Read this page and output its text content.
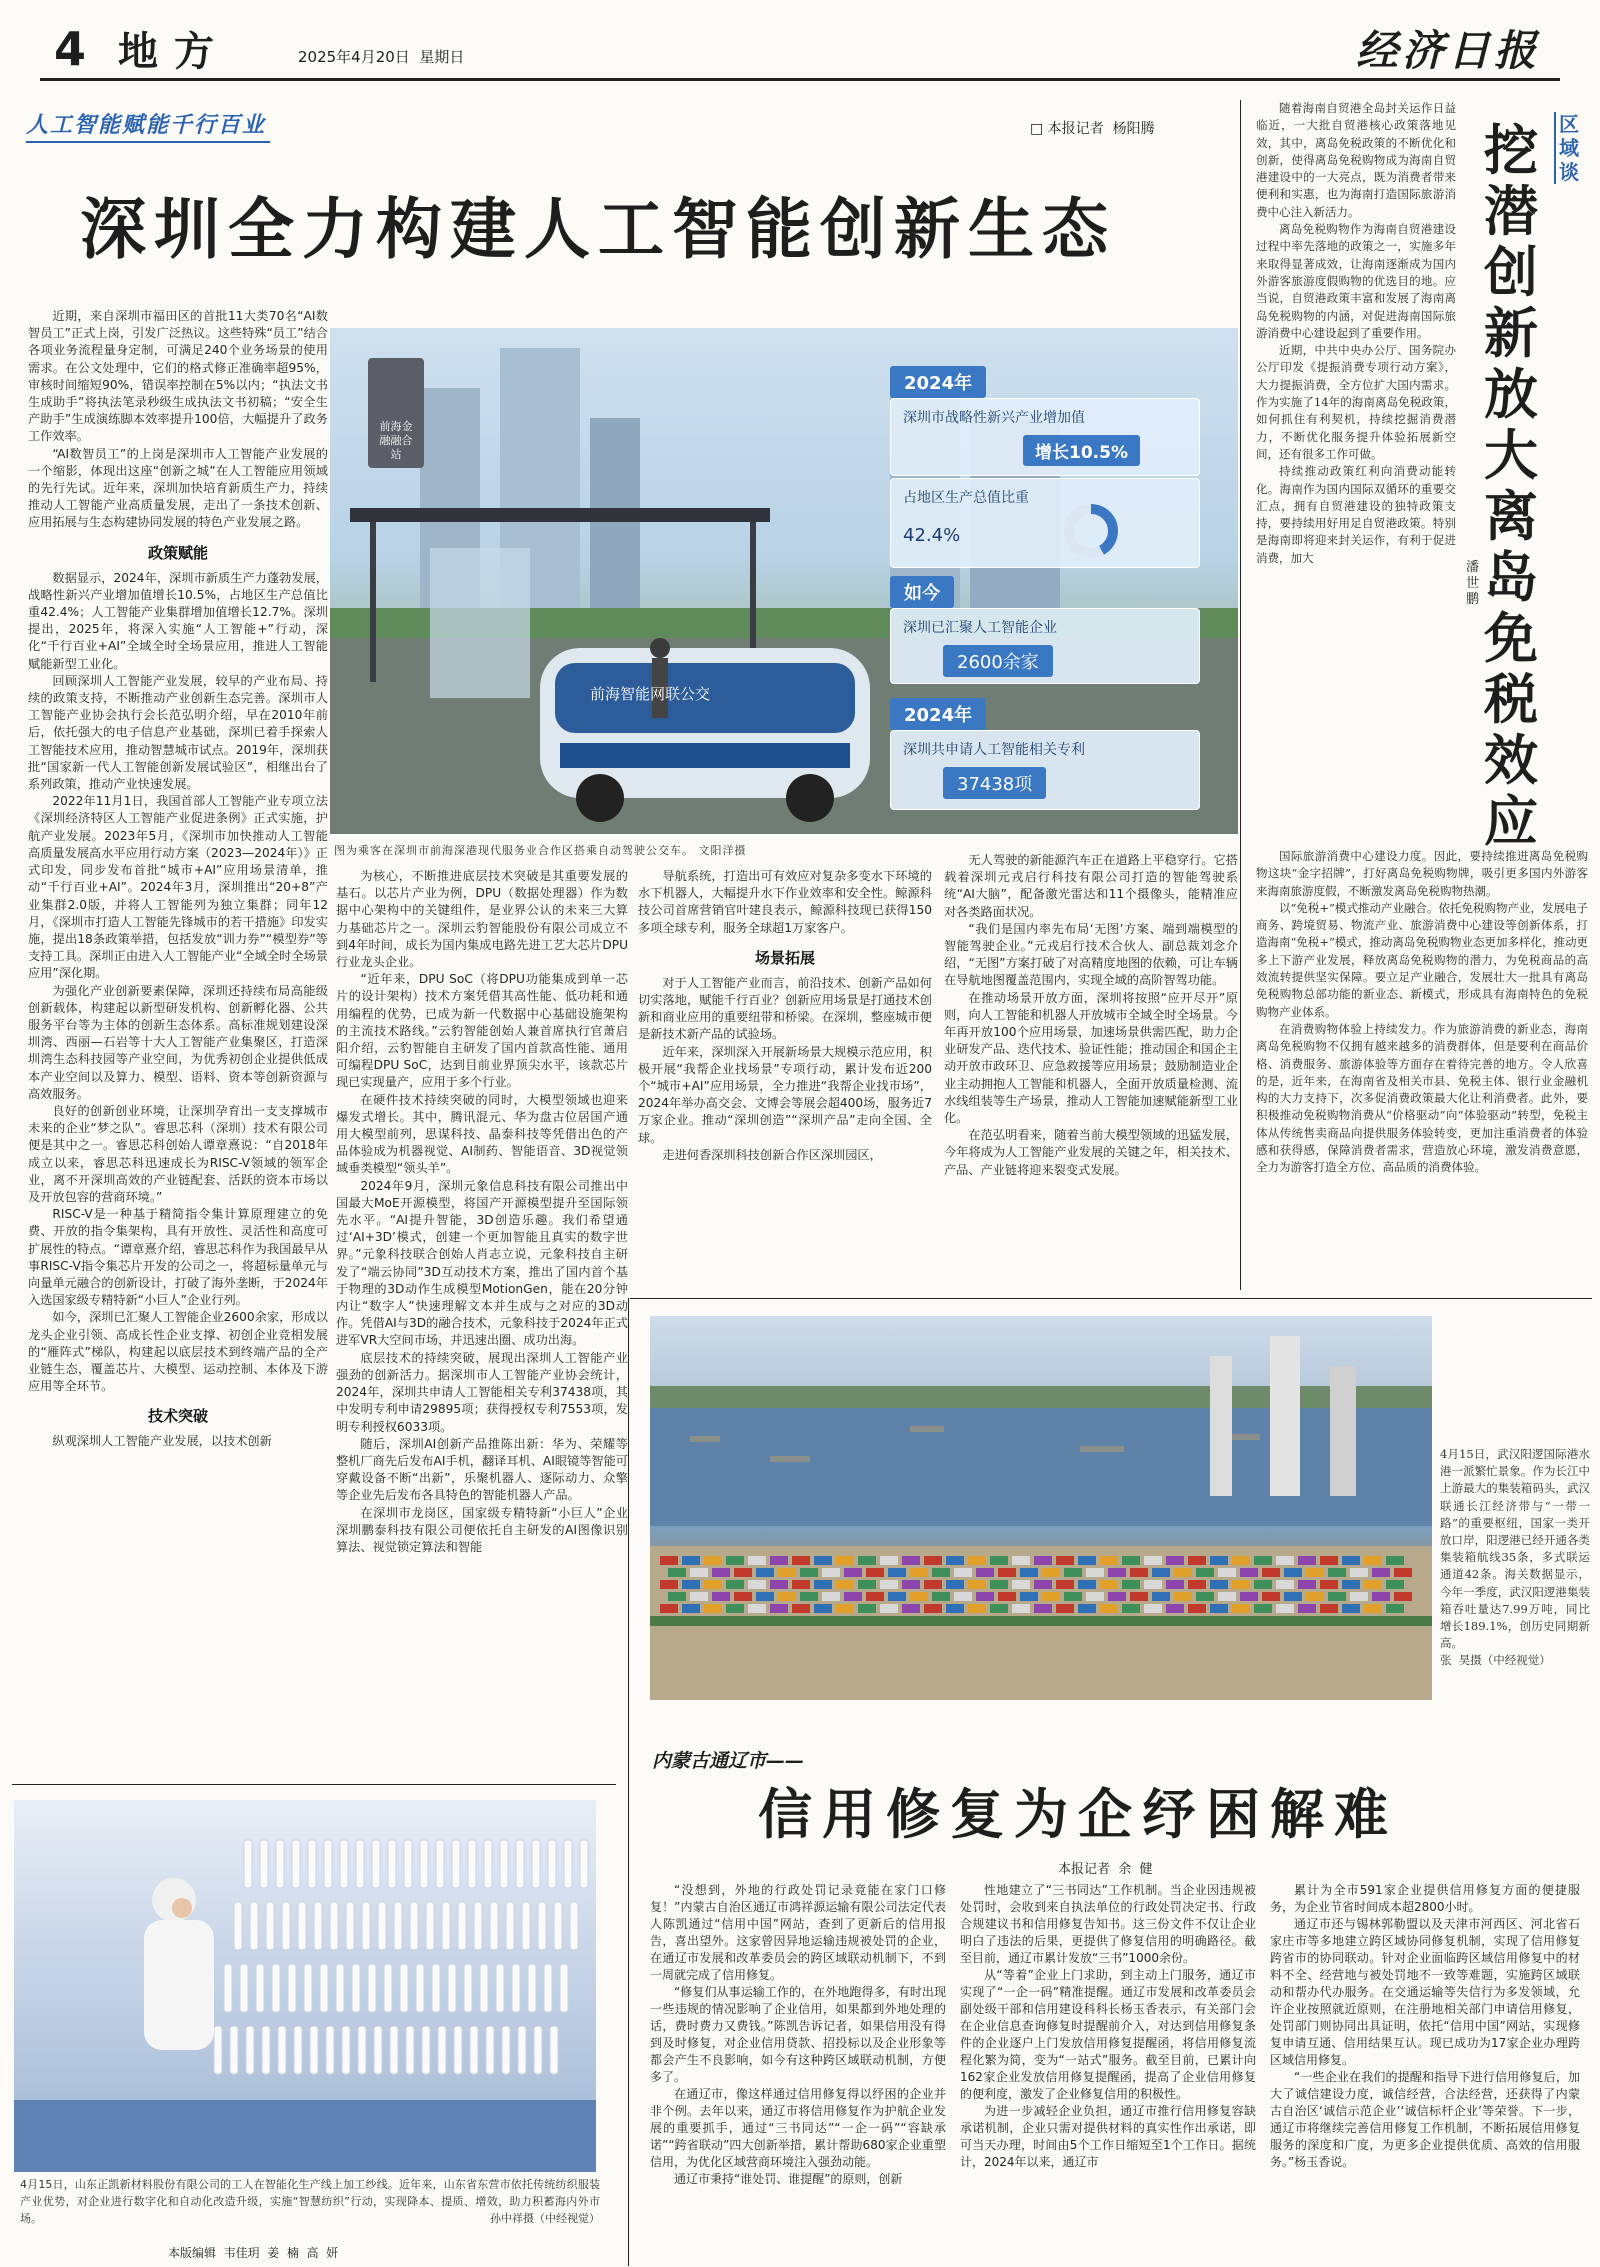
4 地方	2025年4月20日  星期日	经济日报
人工智能赋能千行百业	□ 本报记者  杨阳腾
深圳全力构建人工智能创新生态

近期，来自深圳市福田区的首批11大类70名“AI数智员工”正式上岗，引发广泛热议。这些特殊“员工”结合各项业务流程量身定制，可满足240个业务场景的使用需求。在公文处理中，它们的格式修正准确率超95%，审核时间缩短90%，错误率控制在5%以内；“执法文书生成助手”将执法笔录秒级生成执法文书初稿；“安全生产助手”生成演练脚本效率提升100倍，大幅提升了政务工作效率。

“AI数智员工”的上岗是深圳市人工智能产业发展的一个缩影，体现出这座“创新之城”在人工智能应用领域的先行先试。近年来，深圳加快培育新质生产力，持续推动人工智能产业高质量发展，走出了一条技术创新、应用拓展与生态构建协同发展的特色产业发展之路。

政策赋能

数据显示，2024年，深圳市新质生产力蓬勃发展，战略性新兴产业增加值增长10.5%，占地区生产总值比重42.4%；人工智能产业集群增加值增长12.7%。深圳提出，2025年，将深入实施“人工智能+”行动，深化“千行百业+AI”全域全时全场景应用，推进人工智能赋能新型工业化。

回顾深圳人工智能产业发展，较早的产业布局、持续的政策支持，不断推动产业创新生态完善。深圳市人工智能产业协会执行会长范弘明介绍，早在2010年前后，依托强大的电子信息产业基础，深圳已着手探索人工智能技术应用，推动智慧城市试点。2019年，深圳获批“国家新一代人工智能创新发展试验区”，相继出台了系列政策，推动产业快速发展。

2022年11月1日，我国首部人工智能产业专项立法《深圳经济特区人工智能产业促进条例》正式实施，护航产业发展。2023年5月，《深圳市加快推动人工智能高质量发展高水平应用行动方案（2023—2024年）》正式印发，同步发布首批“城市+AI”应用场景清单，推动“千行百业+AI”。2024年3月，深圳推出“20+8”产业集群2.0版，并将人工智能列为独立集群；同年12月，《深圳市打造人工智能先锋城市的若干措施》印发实施，提出18条政策举措，包括发放“训力券”“模型券”等支持工具。深圳正由进入人工智能产业“全域全时全场景应用”深化期。

为强化产业创新要素保障，深圳还持续布局高能级创新载体，构建起以新型研发机构、创新孵化器、公共服务平台等为主体的创新生态体系。高标准规划建设深圳湾、西丽—石岩等十大人工智能产业集聚区，打造深圳湾生态科技园等产业空间，为优秀初创企业提供低成本产业空间以及算力、模型、语料、资本等创新资源与高效服务。

良好的创新创业环境，让深圳孕育出一支支撑城市未来的企业“梦之队”。睿思芯科（深圳）技术有限公司便是其中之一。睿思芯科创始人谭章熹说：“自2018年成立以来，睿思芯科迅速成长为RISC-V领域的领军企业，离不开深圳高效的产业链配套、活跃的资本市场以及开放包容的营商环境。”

RISC-V是一种基于精简指令集计算原理建立的免费、开放的指令集架构，具有开放性、灵活性和高度可扩展性的特点。“谭章熹介绍，睿思芯科作为我国最早从事RISC-V指令集芯片开发的公司之一，将超标量单元与向量单元融合的创新设计，打破了海外垄断，于2024年入选国家级专精特新“小巨人”企业行列。

如今，深圳已汇聚人工智能企业2600余家，形成以龙头企业引领、高成长性企业支撑、初创企业竞相发展的“雁阵式”梯队，构建起以底层技术到终端产品的全产业链生态，覆盖芯片、大模型、运动控制、本体及下游应用等全环节。

技术突破

纵观深圳人工智能产业发展，以技术创新

前海金融融合站
前海智能网联公交
2024年
深圳市战略性新兴产业增加值
增长10.5%
占地区生产总值比重
42.4%
如今
深圳已汇聚人工智能企业
2600余家
2024年
深圳共申请人工智能相关专利
37438项
图为乘客在深圳市前海深港现代服务业合作区搭乘自动驾驶公交车。 文阳洋摄

为核心，不断推进底层技术突破是其重要发展的基石。以芯片产业为例，DPU（数据处理器）作为数据中心架构中的关键组件，是业界公认的未来三大算力基础芯片之一。深圳云豹智能股份有限公司成立不到4年时间，成长为国内集成电路先进工艺大芯片DPU行业龙头企业。

“近年来，DPU SoC（将DPU功能集成到单一芯片的设计架构）技术方案凭借其高性能、低功耗和通用编程的优势，已成为新一代数据中心基础设施架构的主流技术路线。”云豹智能创始人兼首席执行官萧启阳介绍，云豹智能自主研发了国内首款高性能、通用可编程DPU SoC，达到目前业界顶尖水平，该款芯片现已实现量产，应用于多个行业。

在硬件技术持续突破的同时，大模型领域也迎来爆发式增长。其中，腾讯混元、华为盘古位居国产通用大模型前列，思谋科技、晶泰科技等凭借出色的产品体验成为机器视觉、AI制药、智能语音、3D视觉领域垂类模型“领头羊”。

2024年9月，深圳元象信息科技有限公司推出中国最大MoE开源模型，将国产开源模型提升至国际领先水平。“AI提升智能，3D创造乐趣。我们希望通过‘AI+3D’模式，创建一个更加智能且真实的数字世界。”元象科技联合创始人肖志立说，元象科技自主研发了“端云协同”3D互动技术方案，推出了国内首个基于物理的3D动作生成模型MotionGen，能在20分钟内让“数字人”快速理解文本并生成与之对应的3D动作。凭借AI与3D的融合技术，元象科技于2024年正式进军VR大空间市场，并迅速出圈、成功出海。

底层技术的持续突破，展现出深圳人工智能产业强劲的创新活力。据深圳市人工智能产业协会统计，2024年，深圳共申请人工智能相关专利37438项，其中发明专利申请29895项；获得授权专利7553项，发明专利授权6033项。

随后，深圳AI创新产品推陈出新：华为、荣耀等整机厂商先后发布AI手机，翻译耳机、AI眼镜等智能可穿戴设备不断“出新”，乐聚机器人、逐际动力、众擎等企业先后发布各具特色的智能机器人产品。

在深圳市龙岗区，国家级专精特新“小巨人”企业深圳鹏泰科技有限公司便依托自主研发的AI图像识别算法、视觉锁定算法和智能

导航系统，打造出可有效应对复杂多变水下环境的水下机器人，大幅提升水下作业效率和安全性。鲸源科技公司首席营销官叶建良表示，鲸源科技现已获得150多项全球专利，服务全球超1万家客户。

场景拓展

对于人工智能产业而言，前沿技术、创新产品如何切实落地，赋能千行百业？创新应用场景是打通技术创新和商业应用的重要纽带和桥梁。在深圳，整座城市便是新技术新产品的试验场。

近年来，深圳深入开展新场景大规模示范应用，积极开展“我帮企业找场景”专项行动，累计发布近200个“城市+AI”应用场景，全力推进“我帮企业找市场”，2024年举办高交会、文博会等展会超400场，服务近7万家企业。推动“深圳创造”“深圳产品”走向全国、全球。

走进何香深圳科技创新合作区深圳园区，

无人驾驶的新能源汽车正在道路上平稳穿行。它搭载着深圳元戎启行科技有限公司打造的智能驾驶系统“AI大脑”，配备激光雷达和11个摄像头，能精准应对各类路面状况。

“我们是国内率先布局‘无图’方案、端到端模型的智能驾驶企业。”元戎启行技术合伙人、副总裁刘念介绍，“无图”方案打破了对高精度地图的依赖，可让车辆在导航地图覆盖范围内，实现全域的高阶智驾功能。

在推动场景开放方面，深圳将按照“应开尽开”原则，向人工智能和机器人开放城市全域全时全场景。今年再开放100个应用场景，加速场景供需匹配，助力企业研发产品、迭代技术、验证性能；推动国企和国企主动开放市政环卫、应急救援等应用场景；鼓励制造业企业主动拥抱人工智能和机器人，全面开放质量检测、流水线组装等生产场景，推动人工智能加速赋能新型工业化。

在范弘明看来，随着当前大模型领域的迅猛发展，今年将成为人工智能产业发展的关键之年，相关技术、产品、产业链将迎来裂变式发展。

随着海南自贸港全岛封关运作日益临近，一大批自贸港核心政策落地见效，其中，离岛免税政策的不断优化和创新，使得离岛免税购物成为海南自贸港建设中的一大亮点，既为消费者带来便利和实惠，也为海南打造国际旅游消费中心注入新活力。

离岛免税购物作为海南自贸港建设过程中率先落地的政策之一，实施多年来取得显著成效，让海南逐渐成为国内外游客旅游度假购物的优选目的地。应当说，自贸港政策丰富和发展了海南离岛免税购物的内涵，对促进海南国际旅游消费中心建设起到了重要作用。

近期，中共中央办公厅、国务院办公厅印发《提振消费专项行动方案》，大力提振消费，全方位扩大国内需求。作为实施了14年的海南离岛免税政策，如何抓住有利契机，持续挖掘消费潜力，不断优化服务提升体验拓展新空间，还有很多工作可做。

持续推动政策红利向消费动能转化。海南作为国内国际双循环的重要交汇点，拥有自贸港建设的独特政策支持，要持续用好用足自贸港政策。特别是海南即将迎来封关运作，有利于促进消费，加大

潘世鹏
区域谈
挖潜创新放大离岛免税效应

国际旅游消费中心建设力度。因此，要持续推进离岛免税购物这块“金字招牌”，打好离岛免税购物牌，吸引更多国内外游客来海南旅游度假，不断激发离岛免税购物热潮。

以“免税+”模式推动产业融合。依托免税购物产业，发展电子商务、跨境贸易、物流产业、旅游消费中心建设等创新体系，打造海南“免税+”模式，推动离岛免税购物业态更加多样化，推动更多上下游产业发展，释放离岛免税购物的潜力，为免税商品的高效流转提供坚实保障。要立足产业融合，发展壮大一批具有离岛免税购物总部功能的新业态、新模式，形成具有海南特色的免税购物产业体系。

在消费购物体验上持续发力。作为旅游消费的新业态，海南离岛免税购物不仅拥有越来越多的消费群体，但是要利在商品价格、消费服务、旅游体验等方面存在着待完善的地方。令人欣喜的是，近年来，在海南省及相关市县、免税主体、银行业金融机构的大力支持下，次多促消费政策最大化让利消费者。此外，要积极推动免税购物消费从“价格驱动”向“体验驱动”转型，免税主体从传统售卖商品向提供服务体验转变，更加注重消费者的体验感和获得感，保障消费者需求，营造放心环境，激发消费意愿，全力为游客打造全方位、高品质的消费体验。

4月15日，武汉阳逻国际港水港一派繁忙景象。作为长江中上游最大的集装箱码头，武汉联通长江经济带与“一带一路”的重要枢纽，国家一类开放口岸，阳逻港已经开通各类集装箱航线35条，多式联运通道42条。海关数据显示，今年一季度，武汉阳逻港集装箱吞吐量达7.99万吨，同比增长189.1%，创历史同期新高。
张  昊摄（中经视觉）
4月15日，山东正凯新材料股份有限公司的工人在智能化生产线上加工纱线。近年来，山东省东营市依托传统纺织服装产业优势，对企业进行数字化和自动化改造升级，实施“智慧纺织”行动，实现降本、提质、增效，助力积蓄海内外市场。	孙中祥摄（中经视觉）
内蒙古通辽市——
信用修复为企纾困解难
本报记者  余  健

“没想到，外地的行政处罚记录竟能在家门口修复！”内蒙古自治区通辽市鸿祥源运输有限公司法定代表人陈凯通过“信用中国”网站，查到了更新后的信用报告，喜出望外。这家曾因异地运输违规被处罚的企业，在通辽市发展和改革委员会的跨区域联动机制下，不到一周就完成了信用修复。

“修复们从事运输工作的，在外地跑得多，有时出现一些违规的情况影响了企业信用，如果都到外地处理的话，费时费力又费钱。”陈凯告诉记者，如果信用没有得到及时修复，对企业信用贷款、招投标以及企业形象等都会产生不良影响，如今有这种跨区域联动机制，方便多了。

在通辽市，像这样通过信用修复得以纾困的企业并非个例。去年以来，通辽市将信用修复作为护航企业发展的重要抓手，通过“三书同达”“一企一码”“容缺承诺”“跨省联动”四大创新举措，累计帮助680家企业重塑信用，为优化区域营商环境注入强劲动能。

通辽市秉持“谁处罚、谁提醒”的原则，创新

性地建立了“三书同达”工作机制。当企业因违规被处罚时，会收到来自执法单位的行政处罚决定书、行政合规建议书和信用修复告知书。这三份文件不仅让企业明白了违法的后果，更提供了修复信用的明确路径。截至目前，通辽市累计发放“三书”1000余份。

从“等着”企业上门求助，到主动上门服务，通辽市实现了“一企一码”精准提醒。通辽市发展和改革委员会副处级干部和信用建设科科长杨玉香表示，有关部门会在企业信息查询修复时提醒前介入，对达到信用修复条件的企业逐户上门发放信用修复提醒函，将信用修复流程化繁为简，变为“一站式”服务。截至目前，已累计向162家企业发放信用修复提醒函，提高了企业信用修复的便利度，激发了企业修复信用的积极性。

为进一步减轻企业负担，通辽市推行信用修复容缺承诺机制，企业只需对提供材料的真实性作出承诺，即可当天办理，时间由5个工作日缩短至1个工作日。据统计，2024年以来，通辽市

累计为全市591家企业提供信用修复方面的便捷服务，为企业节省时间成本超2800小时。

通辽市还与锡林郭勒盟以及天津市河西区、河北省石家庄市等多地建立跨区域协同修复机制，实现了信用修复跨省市的协同联动。针对企业面临跨区域信用修复中的材料不全、经营地与被处罚地不一致等难题，实施跨区域联动和帮办代办服务。在交通运输等失信行为多发领域，允许企业按照就近原则，在注册地相关部门申请信用修复，处罚部门则协同出具证明，依托“信用中国”网站，实现修复申请互通、信用结果互认。现已成功为17家企业办理跨区域信用修复。

“一些企业在我们的提醒和指导下进行信用修复后，加大了诚信建设力度，诚信经营，合法经营，还获得了内蒙古自治区‘诚信示范企业’‘诚信标杆企业’等荣誉。下一步，通辽市将继续完善信用修复工作机制，不断拓展信用修复服务的深度和广度，为更多企业提供优质、高效的信用服务。”杨玉香说。

本版编辑  韦佳玥  姜  楠  高  妍
